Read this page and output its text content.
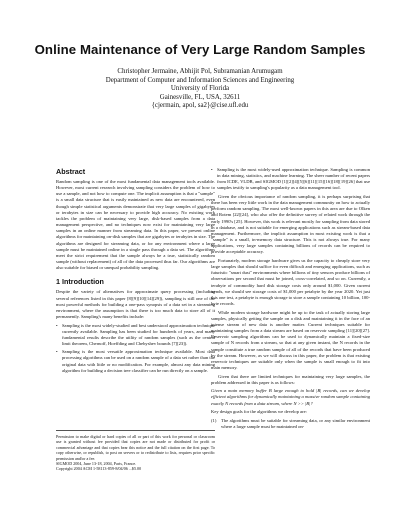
Online Maintenance of Very Large Random Samples
Christopher Jermaine, Abhijit Pol, Subramanian Arumugam
Department of Computer and Information Sciences and Engineering
University of Florida
Gainesville, FL, USA, 32611
{cjermain, apol, sa2}@cise.ufl.edu
Abstract

Random sampling is one of the most fundamental data management tools available. However, most current research involving sampling considers the problem of how to use a sample, and not how to compute one. The implicit assumption is that a "sample" is a small data structure that is easily maintained as new data are encountered, even though simple statistical arguments demonstrate that very large samples of gigabytes or terabytes in size can be necessary to provide high accuracy. No existing work tackles the problem of maintaining very large, disk-based samples from a data management perspective, and no techniques now exist for maintaining very large samples in an online manner from streaming data. In this paper, we present online algorithms for maintaining on-disk samples that are gigabytes or terabytes in size. The algorithms are designed for streaming data, or for any environment where a large sample must be maintained online in a single pass through a data set. The algorithms meet the strict requirement that the sample always be a true, statistically random sample (without replacement) of all of the data processed thus far. Our algorithms are also suitable for biased or unequal probability sampling.

1 Introduction

Despite the variety of alternatives for approximate query processing (including several references listed in this paper [8][9][10][14][29]), sampling is still one of the most powerful methods for building a one-pass synopsis of a data set in a streaming environment, where the assumption is that there is too much data to store all of it permanently. Sampling's many benefits include:

• Sampling is the most widely-studied and best understood approximation technique currently available. Sampling has been studied for hundreds of years, and many fundamental results describe the utility of random samples (such as the central limit theorem, Chernoff, Hoeffding and Chebyshev bounds [7][23]).
• Sampling is the most versatile approximation technique available. Most data processing algorithms can be used on a random sample of a data set rather than the original data with little or no modification. For example, almost any data mining algorithm for building a decision tree classifier can be run directly on a sample.

Permission to make digital or hard copies of all or part of this work for personal or classroom use is granted without fee provided that copies are not made or distributed for profit or commercial advantage and that copies bear this notice and the full citation on the first page. To copy otherwise, or republish, to post on servers or to redistribute to lists, requires prior specific permission and/or a fee.

SIGMOD 2004, June 13-18, 2004, Paris, France.

Copyright 2004 ACM 1-58113-859-8/04/06 ...$5.00

• Sampling is the most widely-used approximation technique. Sampling is common in data mining, statistics, and machine learning. The sheer number of recent papers from ICDE, VLDB, and SIGMOD [1][2][4][5][6][11][15][16][18][19][26] that use samples testify to sampling's popularity as a data management tool.

Given the obvious importance of random sampling, it is perhaps surprising that there has been very little work in the data management community on how to actually perform random sampling. The most well-known papers in this area are due to Olken and Rotem [22][24], who also offer the definitive survey of related work through the early 1990's [25]. However, this work is relevant mostly for sampling from data stored in a database, and is not suitable for emerging applications such as stream-based data management. Furthermore, the implicit assumption in most existing work is that a "sample" is a small, in-memory data structure. This is not always true. For many applications, very large samples containing billions of records can be required to provide acceptable accuracy.

Fortunately, modern storage hardware gives us the capacity to cheaply store very large samples that should suffice for even difficult and emerging applications, such as futuristic "smart dust" environments where billions of tiny sensors produce billions of observations per second that must be joined, cross-correlated, and so on. Currently, a terabyte of commodity hard disk storage costs only around $1,000. Given current trends, we should see storage costs of $1,000 per petabyte by the year 2020. Yet just this one test, a petabyte is enough storage to store a sample containing 10 billion, 100-byte records.

While modern storage hardware might be up to the task of actually storing large samples, physically getting the sample on a disk and maintaining it in the face of an intense stream of new data is another matter. Current techniques suitable for maintaining samples from a data stream are based on reservoir sampling [11][20][27]. Reservoir sampling algorithms can be used to dynamically maintain a fixed-size sample of N records from a stream, so that at any given instant, the N records in the sample constitute a true random sample of all of the records that have been produced by the stream. However, as we will discuss in this paper, the problem is that existing reservoir techniques are suitable only when the sample is small enough to fit into main memory.

Given that there are limited techniques for maintaining very large samples, the problem addressed in this paper is as follows:

Given a main memory buffer B large enough to hold |B| records, can we develop efficient algorithms for dynamically maintaining a massive random sample containing exactly N records from a data stream, where N >> |B|?

Key design goals for the algorithms we develop are:

(1)	The algorithms must be suitable for streaming data, or any similar environment where a large sample must be maintained on-
